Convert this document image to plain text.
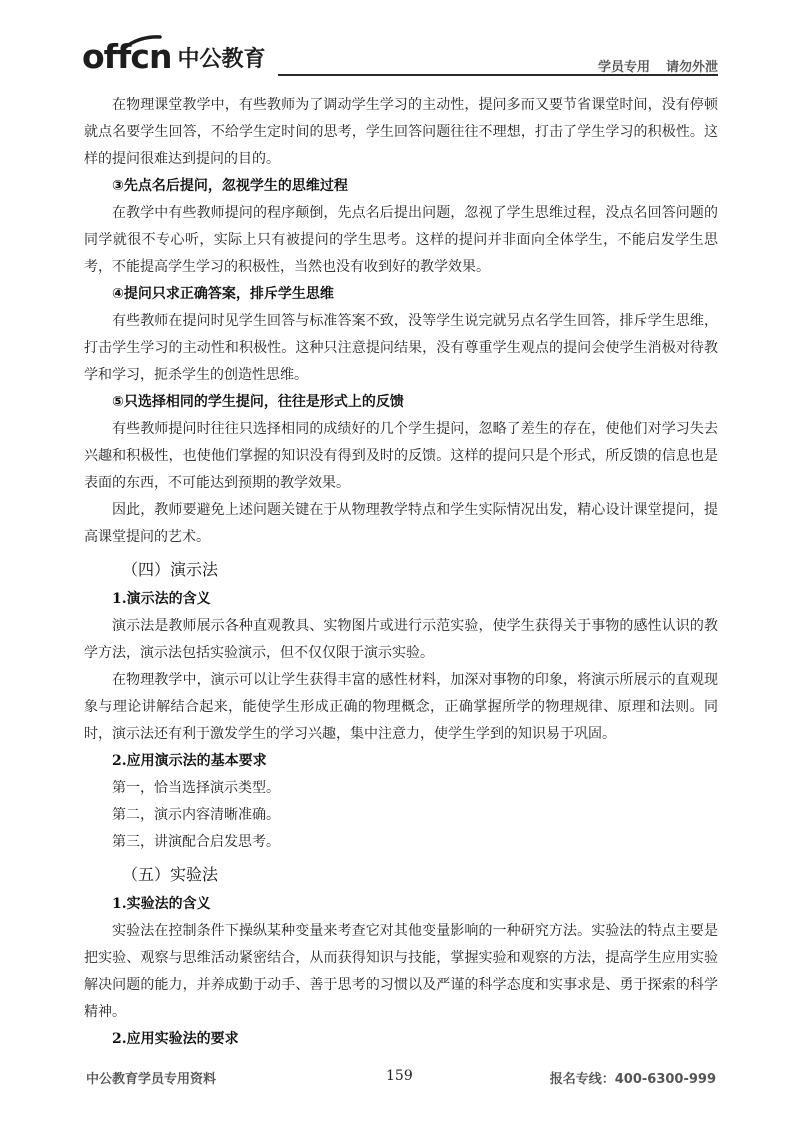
offcn 中公教育	学员专用 请勿外泄

在物理课堂教学中，有些教师为了调动学生学习的主动性，提问多而又要节省课堂时间，没有停顿就点名要学生回答，不给学生定时间的思考，学生回答问题往往不理想，打击了学生学习的积极性。这样的提问很难达到提问的目的。

③先点名后提问，忽视学生的思维过程

在教学中有些教师提问的程序颠倒，先点名后提出问题，忽视了学生思维过程，没点名回答问题的同学就很不专心听，实际上只有被提问的学生思考。这样的提问并非面向全体学生，不能启发学生思考，不能提高学生学习的积极性，当然也没有收到好的教学效果。

④提问只求正确答案，排斥学生思维

有些教师在提问时见学生回答与标准答案不致，没等学生说完就另点名学生回答，排斥学生思维，打击学生学习的主动性和积极性。这种只注意提问结果，没有尊重学生观点的提问会使学生消极对待教学和学习，扼杀学生的创造性思维。

⑤只选择相同的学生提问，往往是形式上的反馈

有些教师提问时往往只选择相同的成绩好的几个学生提问，忽略了差生的存在，使他们对学习失去兴趣和积极性，也使他们掌握的知识没有得到及时的反馈。这样的提问只是个形式，所反馈的信息也是表面的东西，不可能达到预期的教学效果。

因此，教师要避免上述问题关键在于从物理教学特点和学生实际情况出发，精心设计课堂提问，提高课堂提问的艺术。

（四）演示法

1.演示法的含义

演示法是教师展示各种直观教具、实物图片或进行示范实验，使学生获得关于事物的感性认识的教学方法，演示法包括实验演示，但不仅仅限于演示实验。

在物理教学中，演示可以让学生获得丰富的感性材料，加深对事物的印象，将演示所展示的直观现象与理论讲解结合起来，能使学生形成正确的物理概念，正确掌握所学的物理规律、原理和法则。同时，演示法还有利于激发学生的学习兴趣，集中注意力，使学生学到的知识易于巩固。

2.应用演示法的基本要求

第一，恰当选择演示类型。

第二，演示内容清晰准确。

第三，讲演配合启发思考。

（五）实验法

1.实验法的含义

实验法在控制条件下操纵某种变量来考查它对其他变量影响的一种研究方法。实验法的特点主要是把实验、观察与思维活动紧密结合，从而获得知识与技能，掌握实验和观察的方法，提高学生应用实验解决问题的能力，并养成勤于动手、善于思考的习惯以及严谨的科学态度和实事求是、勇于探索的科学精神。

2.应用实验法的要求

中公教育学员专用资料	159	报名专线：400-6300-999
